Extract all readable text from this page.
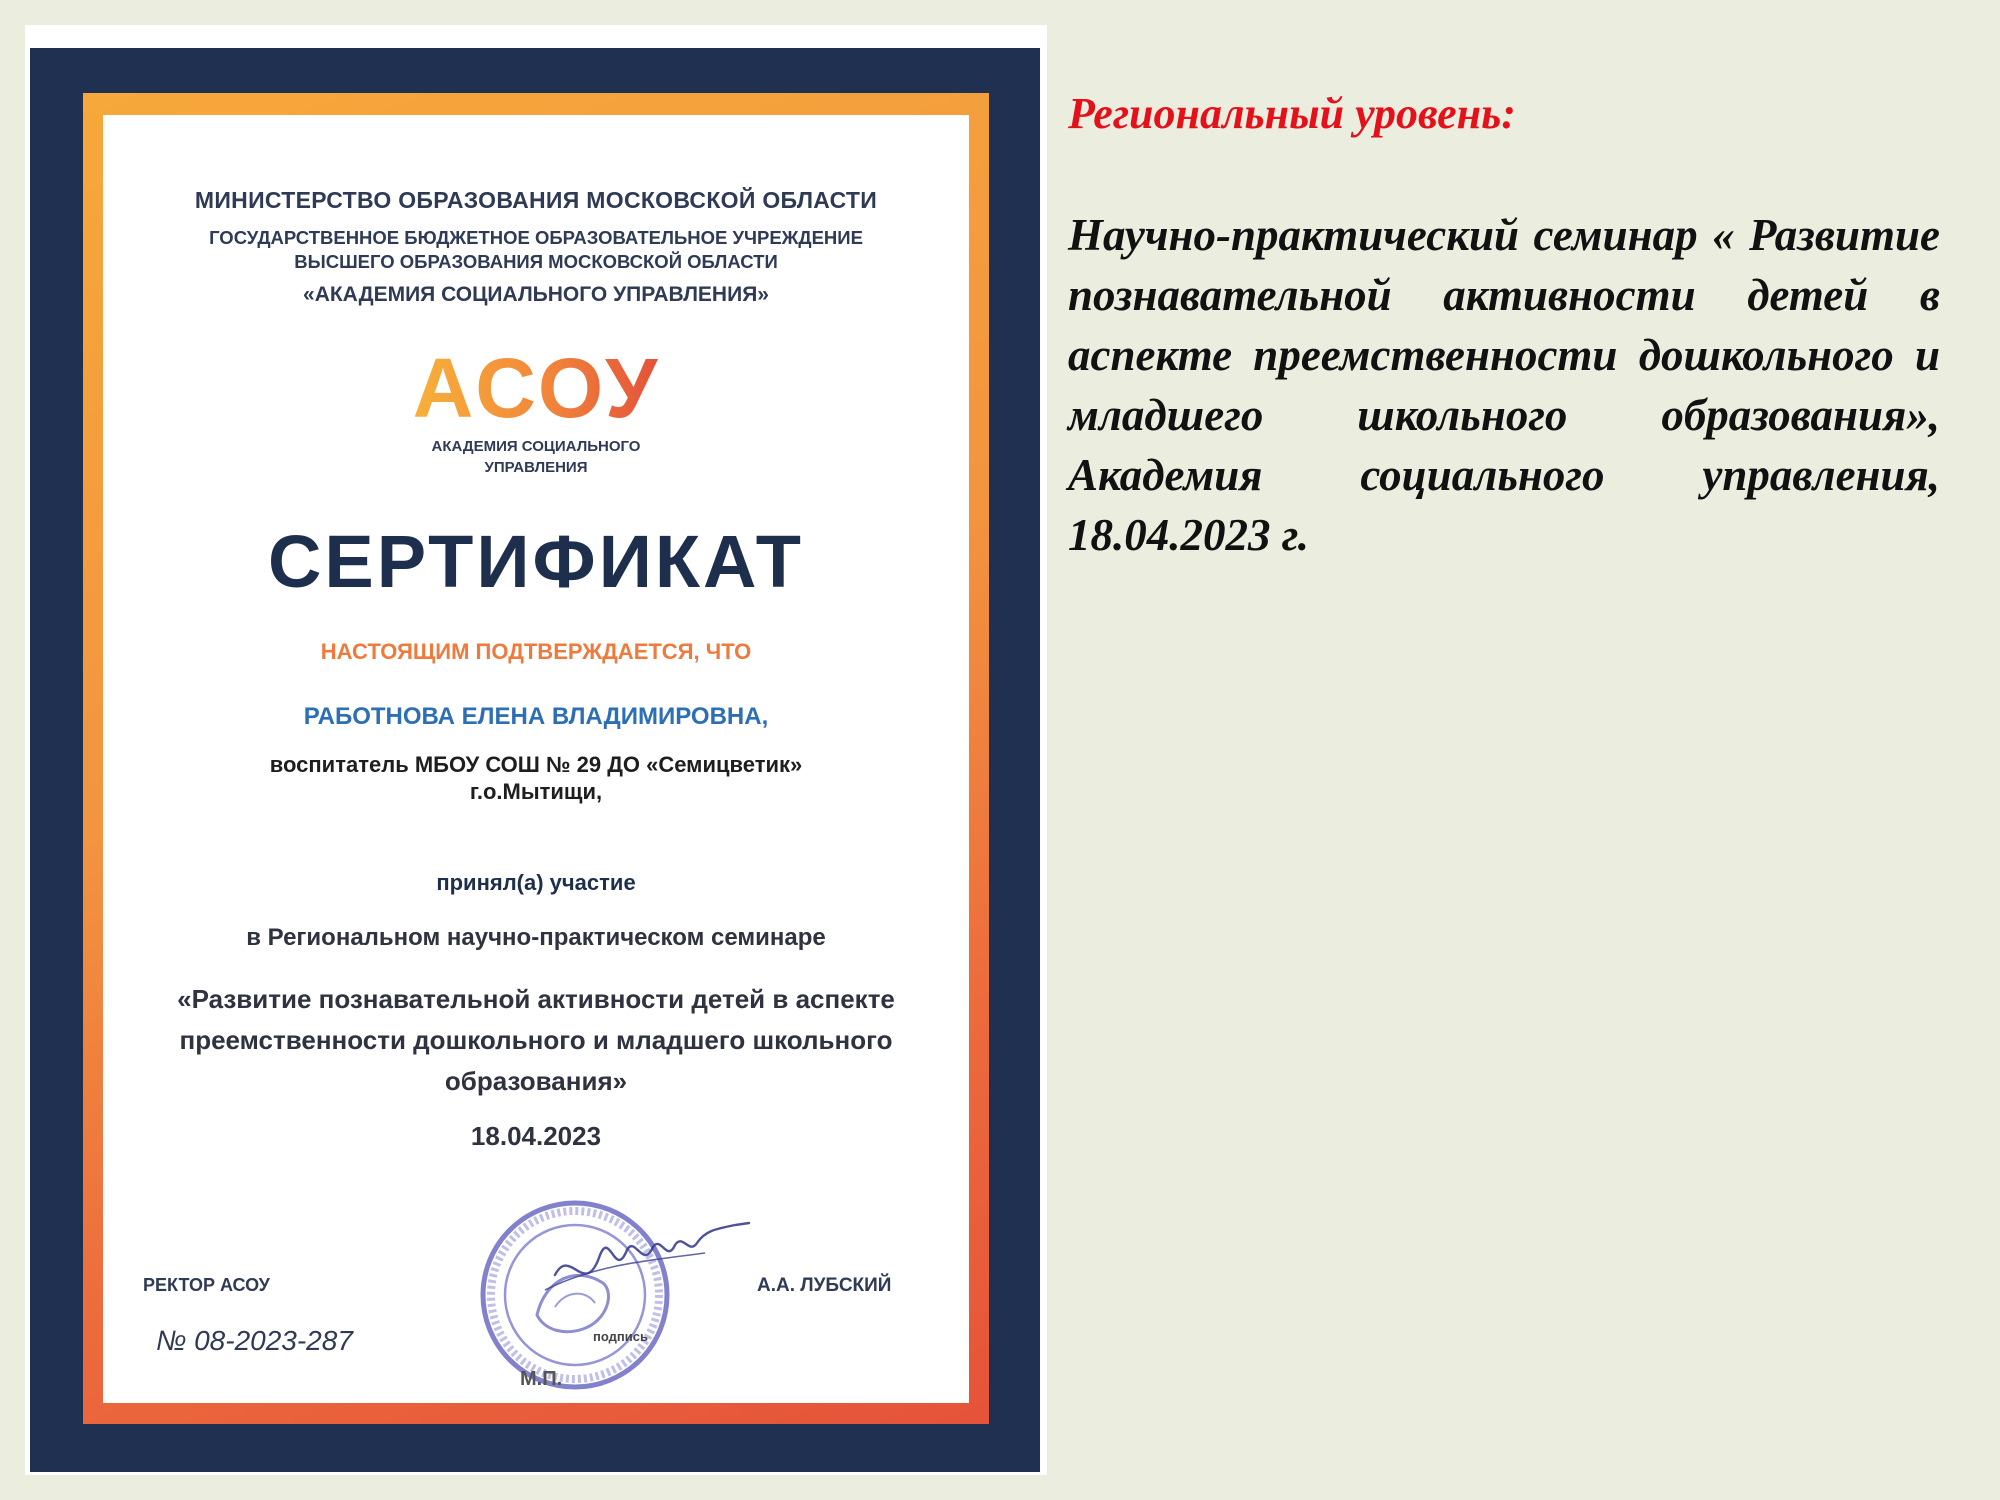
МИНИСТЕРСТВО ОБРАЗОВАНИЯ МОСКОВСКОЙ ОБЛАСТИ
ГОСУДАРСТВЕННОЕ БЮДЖЕТНОЕ ОБРАЗОВАТЕЛЬНОЕ УЧРЕЖДЕНИЕ
ВЫСШЕГО ОБРАЗОВАНИЯ МОСКОВСКОЙ ОБЛАСТИ
«АКАДЕМИЯ СОЦИАЛЬНОГО УПРАВЛЕНИЯ»
АСОУ
АКАДЕМИЯ СОЦИАЛЬНОГО
УПРАВЛЕНИЯ
СЕРТИФИКАТ
НАСТОЯЩИМ ПОДТВЕРЖДАЕТСЯ, ЧТО
РАБОТНОВА ЕЛЕНА ВЛАДИМИРОВНА,
воспитатель МБОУ СОШ № 29 ДО «Семицветик»
г.о.Мытищи,
принял(а) участие
в Региональном научно-практическом семинаре
«Развитие познавательной активности детей в аспекте преемственности дошкольного и младшего школьного образования»
18.04.2023
РЕКТОР АСОУ	А.А. ЛУБСКИЙ
№ 08-2023-287
М.П.
подпись
Региональный уровень:
Научно-практический семинар « Развитие познавательной активности детей в аспекте преемственности дошкольного и младшего школьного образования», Академия социального управления, 18.04.2023 г.
